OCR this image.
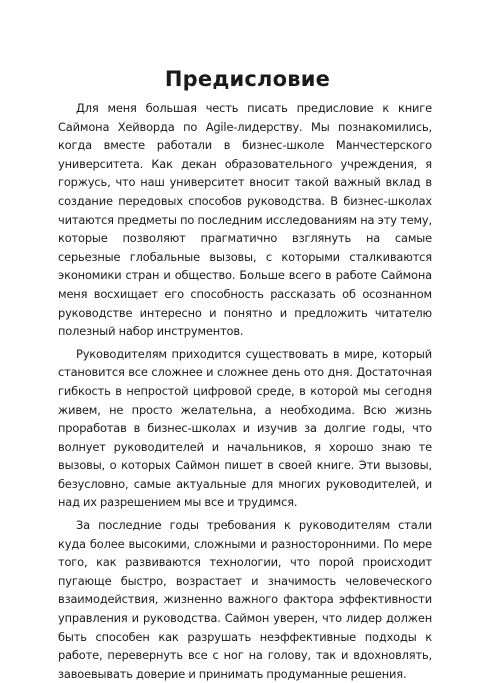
Предисловие

Для меня большая честь писать предисловие к книге Саймона Хейворда по Agile-лидерству. Мы познакомились, когда вместе работали в бизнес-школе Манчестерского университета. Как декан образовательного учреждения, я горжусь, что наш университет вносит такой важный вклад в создание передовых способов руководства. В бизнес-школах читаются предметы по последним исследованиям на эту тему, которые позволяют прагматично взглянуть на самые серьезные глобальные вызовы, с которыми сталкиваются экономики стран и общество. Больше всего в работе Саймона меня восхищает его способность рассказать об осознанном руководстве интересно и понятно и предложить читателю полезный набор инструментов.

Руководителям приходится существовать в мире, который становится все сложнее и сложнее день ото дня. Достаточная гибкость в непростой цифровой среде, в которой мы сегодня живем, не просто желательна, а необходима. Всю жизнь проработав в бизнес-школах и изучив за долгие годы, что волнует руководителей и начальников, я хорошо знаю те вызовы, о которых Саймон пишет в своей книге. Эти вызовы, безусловно, самые актуальные для многих руководителей, и над их разрешением мы все и трудимся.

За последние годы требования к руководителям стали куда более высокими, сложными и разносторонними. По мере того, как развиваются технологии, что порой происходит пугающе быстро, возрастает и значимость человеческого взаимодействия, жизненно важного фактора эффективности управления и руководства. Саймон уверен, что лидер должен быть способен как разрушать неэффективные подходы к работе, перевернуть все с ног на голову, так и вдохновлять, завоевывать доверие и принимать продуманные решения.
